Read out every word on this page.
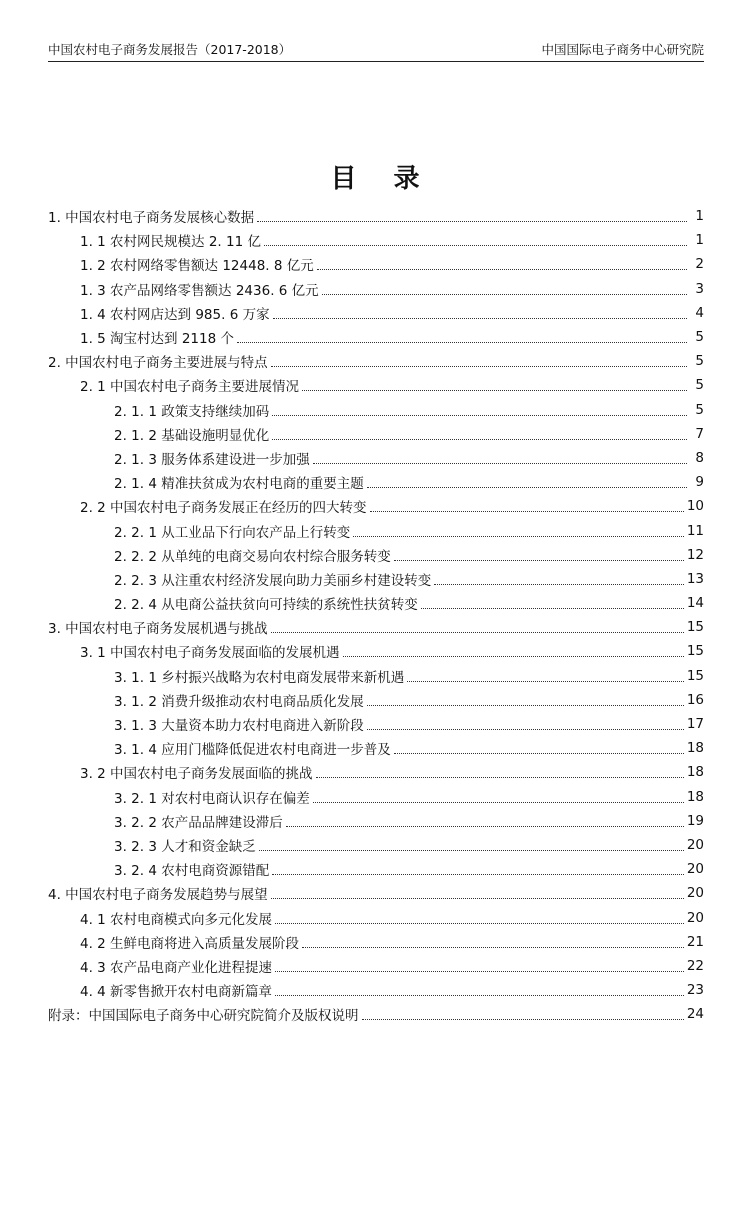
中国农村电子商务发展报告（2017-2018）	中国国际电子商务中心研究院
目 录
1. 中国农村电子商务发展核心数据	1
1. 1 农村网民规模达 2. 11 亿	1
1. 2 农村网络零售额达 12448. 8 亿元	2
1. 3 农产品网络零售额达 2436. 6 亿元	3
1. 4 农村网店达到 985. 6 万家	4
1. 5 淘宝村达到 2118 个	5
2. 中国农村电子商务主要进展与特点	5
2. 1 中国农村电子商务主要进展情况	5
2. 1. 1 政策支持继续加码	5
2. 1. 2 基础设施明显优化	7
2. 1. 3 服务体系建设进一步加强	8
2. 1. 4 精准扶贫成为农村电商的重要主题	9
2. 2 中国农村电子商务发展正在经历的四大转变	10
2. 2. 1 从工业品下行向农产品上行转变	11
2. 2. 2 从单纯的电商交易向农村综合服务转变	12
2. 2. 3 从注重农村经济发展向助力美丽乡村建设转变	13
2. 2. 4 从电商公益扶贫向可持续的系统性扶贫转变	14
3. 中国农村电子商务发展机遇与挑战	15
3. 1 中国农村电子商务发展面临的发展机遇	15
3. 1. 1 乡村振兴战略为农村电商发展带来新机遇	15
3. 1. 2 消费升级推动农村电商品质化发展	16
3. 1. 3 大量资本助力农村电商进入新阶段	17
3. 1. 4 应用门槛降低促进农村电商进一步普及	18
3. 2 中国农村电子商务发展面临的挑战	18
3. 2. 1 对农村电商认识存在偏差	18
3. 2. 2 农产品品牌建设滞后	19
3. 2. 3 人才和资金缺乏	20
3. 2. 4 农村电商资源错配	20
4. 中国农村电子商务发展趋势与展望	20
4. 1 农村电商模式向多元化发展	20
4. 2 生鲜电商将进入高质量发展阶段	21
4. 3 农产品电商产业化进程提速	22
4. 4 新零售掀开农村电商新篇章	23
附录：中国国际电子商务中心研究院简介及版权说明	24
